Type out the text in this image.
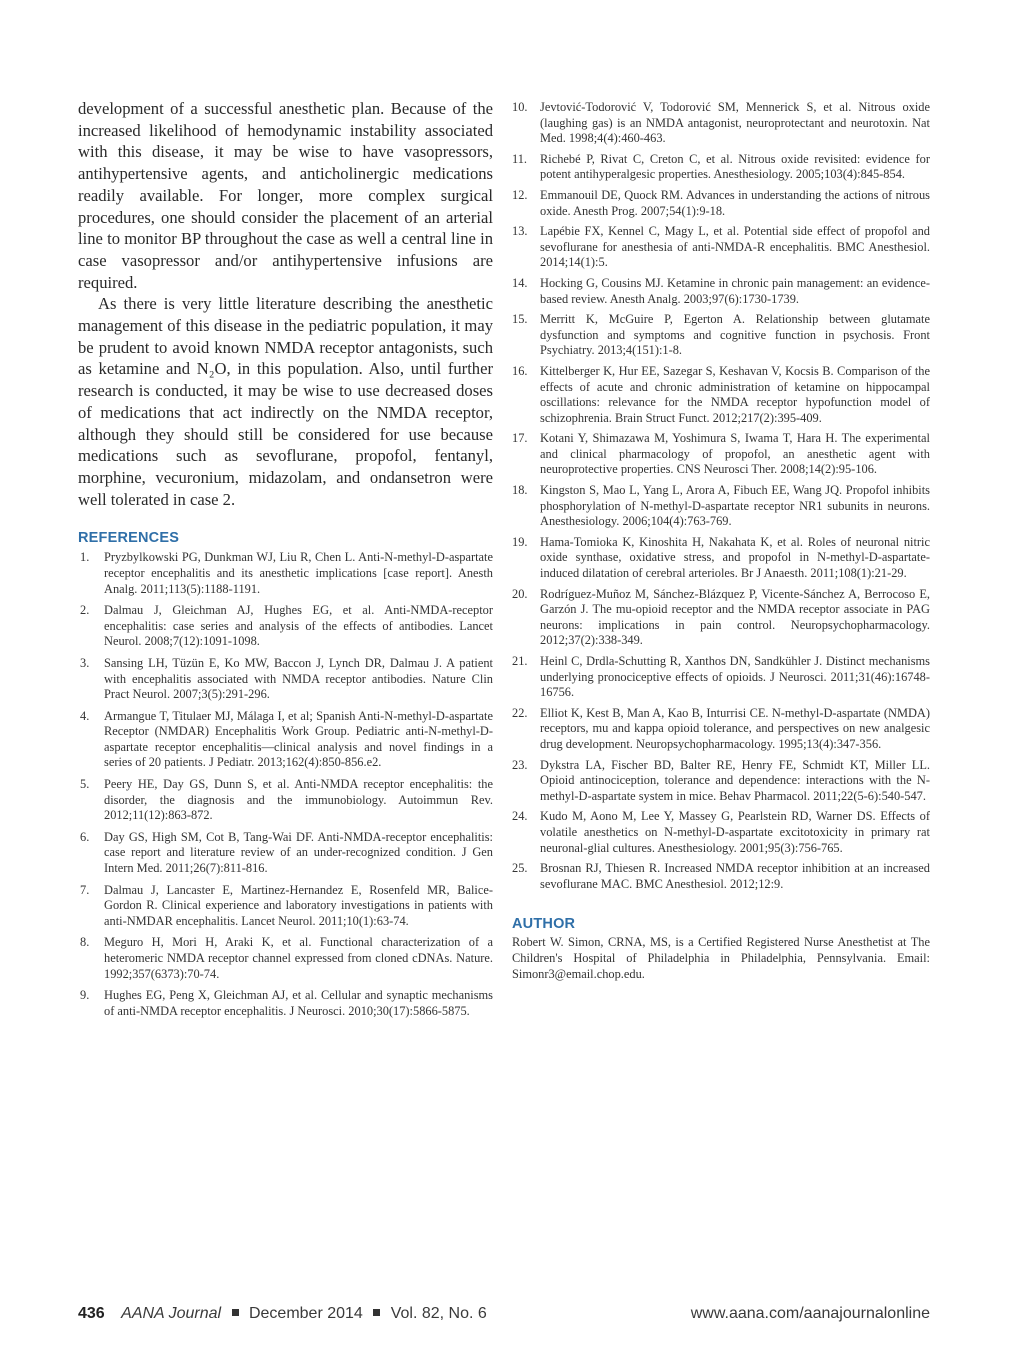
development of a successful anesthetic plan. Because of the increased likelihood of hemodynamic instability associated with this disease, it may be wise to have vasopressors, antihypertensive agents, and anticholinergic medications readily available. For longer, more complex surgical procedures, one should consider the placement of an arterial line to monitor BP throughout the case as well a central line in case vasopressor and/or antihypertensive infusions are required.

As there is very little literature describing the anesthetic management of this disease in the pediatric population, it may be prudent to avoid known NMDA receptor antagonists, such as ketamine and N₂O, in this population. Also, until further research is conducted, it may be wise to use decreased doses of medications that act indirectly on the NMDA receptor, although they should still be considered for use because medications such as sevoflurane, propofol, fentanyl, morphine, vecuronium, midazolam, and ondansetron were well tolerated in case 2.

REFERENCES
1.	Pryzbylkowski PG, Dunkman WJ, Liu R, Chen L. Anti-N-methyl-D-aspartate receptor encephalitis and its anesthetic implications [case report]. Anesth Analg. 2011;113(5):1188-1191.
2.	Dalmau J, Gleichman AJ, Hughes EG, et al. Anti-NMDA-receptor encephalitis: case series and analysis of the effects of antibodies. Lancet Neurol. 2008;7(12):1091-1098.
3.	Sansing LH, Tüzün E, Ko MW, Baccon J, Lynch DR, Dalmau J. A patient with encephalitis associated with NMDA receptor antibodies. Nature Clin Pract Neurol. 2007;3(5):291-296.
4.	Armangue T, Titulaer MJ, Málaga I, et al; Spanish Anti-N-methyl-D-aspartate Receptor (NMDAR) Encephalitis Work Group. Pediatric anti-N-methyl-D-aspartate receptor encephalitis—clinical analysis and novel findings in a series of 20 patients. J Pediatr. 2013;162(4):850-856.e2.
5.	Peery HE, Day GS, Dunn S, et al. Anti-NMDA receptor encephalitis: the disorder, the diagnosis and the immunobiology. Autoimmun Rev. 2012;11(12):863-872.
6.	Day GS, High SM, Cot B, Tang-Wai DF. Anti-NMDA-receptor encephalitis: case report and literature review of an under-recognized condition. J Gen Intern Med. 2011;26(7):811-816.
7.	Dalmau J, Lancaster E, Martinez-Hernandez E, Rosenfeld MR, Balice-Gordon R. Clinical experience and laboratory investigations in patients with anti-NMDAR encephalitis. Lancet Neurol. 2011;10(1):63-74.
8.	Meguro H, Mori H, Araki K, et al. Functional characterization of a heteromeric NMDA receptor channel expressed from cloned cDNAs. Nature. 1992;357(6373):70-74.
9.	Hughes EG, Peng X, Gleichman AJ, et al. Cellular and synaptic mechanisms of anti-NMDA receptor encephalitis. J Neurosci. 2010;30(17):5866-5875.
10.	Jevtović-Todorović V, Todorović SM, Mennerick S, et al. Nitrous oxide (laughing gas) is an NMDA antagonist, neuroprotectant and neurotoxin. Nat Med. 1998;4(4):460-463.
11.	Richebé P, Rivat C, Creton C, et al. Nitrous oxide revisited: evidence for potent antihyperalgesic properties. Anesthesiology. 2005;103(4):845-854.
12.	Emmanouil DE, Quock RM. Advances in understanding the actions of nitrous oxide. Anesth Prog. 2007;54(1):9-18.
13.	Lapébie FX, Kennel C, Magy L, et al. Potential side effect of propofol and sevoflurane for anesthesia of anti-NMDA-R encephalitis. BMC Anesthesiol. 2014;14(1):5.
14.	Hocking G, Cousins MJ. Ketamine in chronic pain management: an evidence-based review. Anesth Analg. 2003;97(6):1730-1739.
15.	Merritt K, McGuire P, Egerton A. Relationship between glutamate dysfunction and symptoms and cognitive function in psychosis. Front Psychiatry. 2013;4(151):1-8.
16.	Kittelberger K, Hur EE, Sazegar S, Keshavan V, Kocsis B. Comparison of the effects of acute and chronic administration of ketamine on hippocampal oscillations: relevance for the NMDA receptor hypofunction model of schizophrenia. Brain Struct Funct. 2012;217(2):395-409.
17.	Kotani Y, Shimazawa M, Yoshimura S, Iwama T, Hara H. The experimental and clinical pharmacology of propofol, an anesthetic agent with neuroprotective properties. CNS Neurosci Ther. 2008;14(2):95-106.
18.	Kingston S, Mao L, Yang L, Arora A, Fibuch EE, Wang JQ. Propofol inhibits phosphorylation of N-methyl-D-aspartate receptor NR1 subunits in neurons. Anesthesiology. 2006;104(4):763-769.
19.	Hama-Tomioka K, Kinoshita H, Nakahata K, et al. Roles of neuronal nitric oxide synthase, oxidative stress, and propofol in N-methyl-D-aspartate-induced dilatation of cerebral arterioles. Br J Anaesth. 2011;108(1):21-29.
20.	Rodríguez-Muñoz M, Sánchez-Blázquez P, Vicente-Sánchez A, Berrocoso E, Garzón J. The mu-opioid receptor and the NMDA receptor associate in PAG neurons: implications in pain control. Neuropsychopharmacology. 2012;37(2):338-349.
21.	Heinl C, Drdla-Schutting R, Xanthos DN, Sandkühler J. Distinct mechanisms underlying pronociceptive effects of opioids. J Neurosci. 2011;31(46):16748-16756.
22.	Elliot K, Kest B, Man A, Kao B, Inturrisi CE. N-methyl-D-aspartate (NMDA) receptors, mu and kappa opioid tolerance, and perspectives on new analgesic drug development. Neuropsychopharmacology. 1995;13(4):347-356.
23.	Dykstra LA, Fischer BD, Balter RE, Henry FE, Schmidt KT, Miller LL. Opioid antinociception, tolerance and dependence: interactions with the N-methyl-D-aspartate system in mice. Behav Pharmacol. 2011;22(5-6):540-547.
24.	Kudo M, Aono M, Lee Y, Massey G, Pearlstein RD, Warner DS. Effects of volatile anesthetics on N-methyl-D-aspartate excitotoxicity in primary rat neuronal-glial cultures. Anesthesiology. 2001;95(3):756-765.
25.	Brosnan RJ, Thiesen R. Increased NMDA receptor inhibition at an increased sevoflurane MAC. BMC Anesthesiol. 2012;12:9.
AUTHOR

Robert W. Simon, CRNA, MS, is a Certified Registered Nurse Anesthetist at The Children's Hospital of Philadelphia in Philadelphia, Pennsylvania. Email: Simonr3@email.chop.edu.

436 AANA Journal December 2014 Vol. 82, No. 6	www.aana.com/aanajournalonline
